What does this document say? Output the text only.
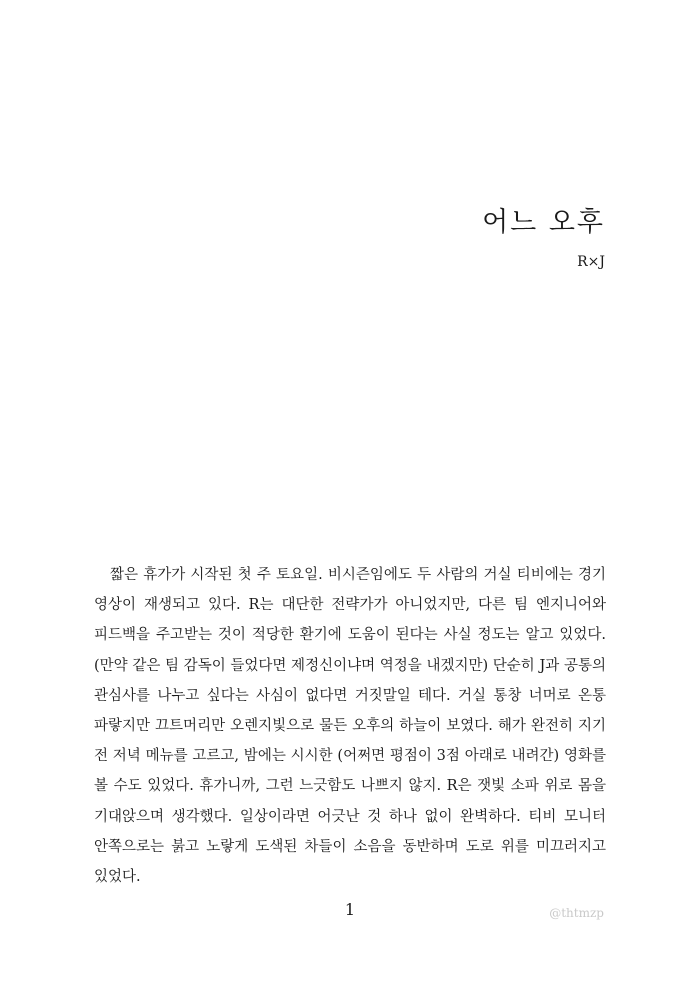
어느 오후
R×J

짧은 휴가가 시작된 첫 주 토요일. 비시즌임에도 두 사람의 거실 티비에는 경기 영상이 재생되고 있다. R는 대단한 전략가가 아니었지만, 다른 팀 엔지니어와 피드백을 주고받는 것이 적당한 환기에 도움이 된다는 사실 정도는 알고 있었다. (만약 같은 팀 감독이 들었다면 제정신이냐며 역정을 내겠지만) 단순히 J과 공통의 관심사를 나누고 싶다는 사심이 없다면 거짓말일 테다. 거실 통창 너머로 온통 파랗지만 끄트머리만 오렌지빛으로 물든 오후의 하늘이 보였다. 해가 완전히 지기 전 저녁 메뉴를 고르고, 밤에는 시시한 (어쩌면 평점이 3점 아래로 내려간) 영화를 볼 수도 있었다. 휴가니까, 그런 느긋함도 나쁘지 않지. R은 잿빛 소파 위로 몸을 기대앉으며 생각했다. 일상이라면 어긋난 것 하나 없이 완벽하다. 티비 모니터 안쪽으로는 붉고 노랗게 도색된 차들이 소음을 동반하며 도로 위를 미끄러지고 있었다.

1	@thtmzp
